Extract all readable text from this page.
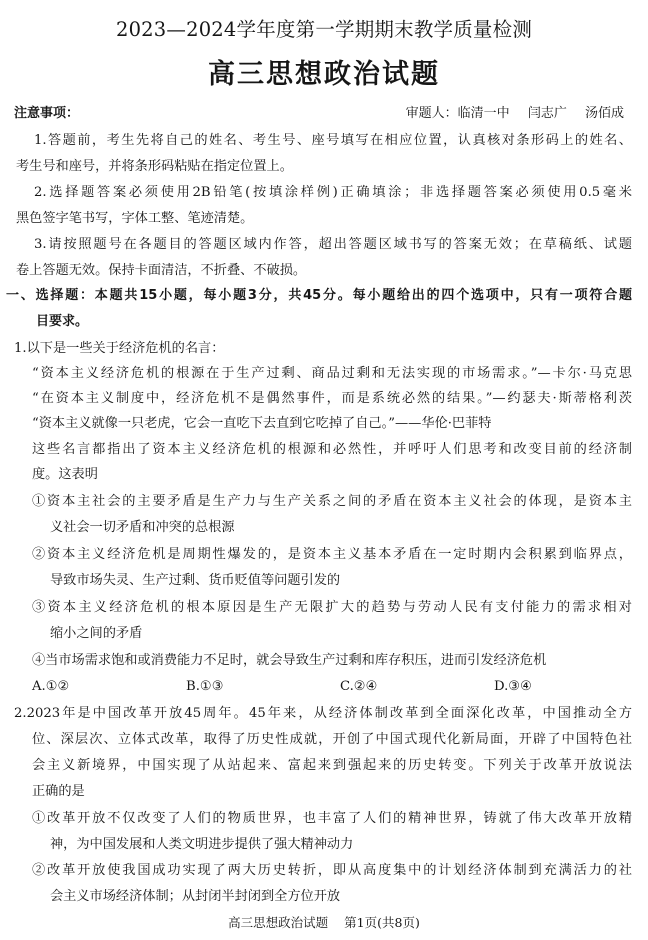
2023—2024学年度第一学期期末教学质量检测
高三思想政治试题
注意事项：	审题人：临清一中 闫志广 汤佰成
1.答题前，考生先将自己的姓名、考生号、座号填写在相应位置，认真核对条形码上的姓名、
考生号和座号，并将条形码粘贴在指定位置上。
2.选择题答案必须使用2B铅笔(按填涂样例)正确填涂；非选择题答案必须使用0.5毫米
黑色签字笔书写，字体工整、笔迹清楚。
3.请按照题号在各题目的答题区域内作答，超出答题区域书写的答案无效；在草稿纸、试题
卷上答题无效。保持卡面清洁，不折叠、不破损。
一、选择题：本题共15小题，每小题3分，共45分。每小题给出的四个选项中，只有一项符合题
目要求。
1.以下是一些关于经济危机的名言：
“资本主义经济危机的根源在于生产过剩、商品过剩和无法实现的市场需求。”—卡尔·马克思
“在资本主义制度中，经济危机不是偶然事件，而是系统必然的结果。”—约瑟夫·斯蒂格利茨
“资本主义就像一只老虎，它会一直吃下去直到它吃掉了自己。”——华伦·巴菲特
这些名言都指出了资本主义经济危机的根源和必然性，并呼吁人们思考和改变目前的经济制
度。这表明
①资本主社会的主要矛盾是生产力与生产关系之间的矛盾在资本主义社会的体现，是资本主
义社会一切矛盾和冲突的总根源
②资本主义经济危机是周期性爆发的，是资本主义基本矛盾在一定时期内会积累到临界点，
导致市场失灵、生产过剩、货币贬值等问题引发的
③资本主义经济危机的根本原因是生产无限扩大的趋势与劳动人民有支付能力的需求相对
缩小之间的矛盾
④当市场需求饱和或消费能力不足时，就会导致生产过剩和库存积压，进而引发经济危机
A.①②	B.①③	C.②④	D.③④
2.2023年是中国改革开放45周年。45年来，从经济体制改革到全面深化改革，中国推动全方
位、深层次、立体式改革，取得了历史性成就，开创了中国式现代化新局面，开辟了中国特色社
会主义新境界，中国实现了从站起来、富起来到强起来的历史转变。下列关于改革开放说法
正确的是
①改革开放不仅改变了人们的物质世界，也丰富了人们的精神世界，铸就了伟大改革开放精
神，为中国发展和人类文明进步提供了强大精神动力
②改革开放使我国成功实现了两大历史转折，即从高度集中的计划经济体制到充满活力的社
会主义市场经济体制；从封闭半封闭到全方位开放
高三思想政治试题 第1页(共8页)
